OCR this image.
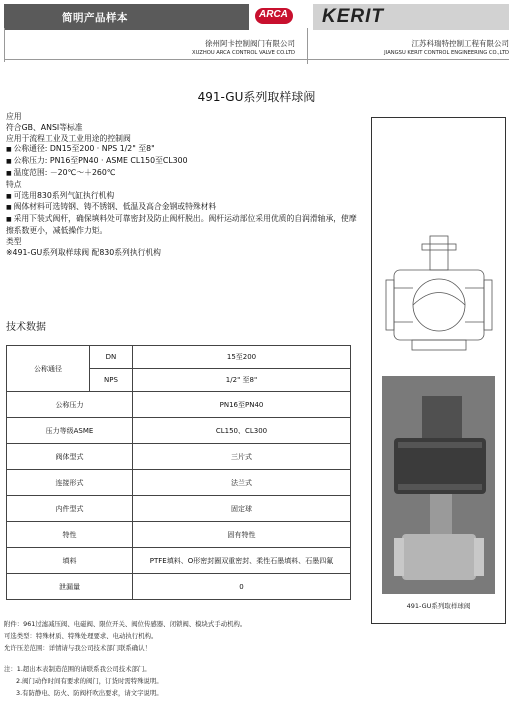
简明产品样本	ARCA KERIT
徐州阿卡控制阀门有限公司
XUZHOU ARCA CONTROL VALVE CO.LTD
江苏科瑞特控制工程有限公司
JIANGSU KERIT CONTROL ENGINEERING CO.,LTD
491-GU系列取样球阀
应用
符合GB、ANSI等标准
应用于流程工业及工业用途的控制阀
■ 公称通径: DN15至200 · NPS 1/2" 至8"
■ 公称压力: PN16至PN40 · ASME CL150至CL300
■ 温度范围: －20℃～＋260℃
特点
■ 可选用830系列气缸执行机构
■ 阀体材料可选铸钢、铸不锈钢、低温及高合金钢或特殊材料
■ 采用下装式阀杆，确保填料处可靠密封及防止阀杆脱出。阀杆运动部位采用优质的自润滑轴承，使摩擦系数更小，减低操作力矩。
类型
※491-GU系列取样球阀 配830系列执行机构
技术数据
公称通径	DN	15至200
	NPS	1/2" 至8"
公称压力		PN16至PN40
压力等级ASME		CL150、CL300
阀体型式		三片式
连接形式		法兰式
内件型式		固定球
特性		固有特性
填料		PTFE填料、O形密封圈双重密封、柔性石墨填料、石墨四氟
泄漏量		0
491-GU系列取样球阀
附件：961过滤减压阀、电磁阀、限位开关、阀位传感器、闭锁阀、模块式手动机构。
可选类型：特殊材质、特殊处理要求、电动执行机构。
允许压差范围：详情请与我公司技术部门联系确认！
注：1.超出本表制造范围的请联系我公司技术部门。
2.阀门动作时间有要求的阀门，订货时需特殊说明。
3.有防静电、防火、防阀杆吹出要求，请文字说明。
